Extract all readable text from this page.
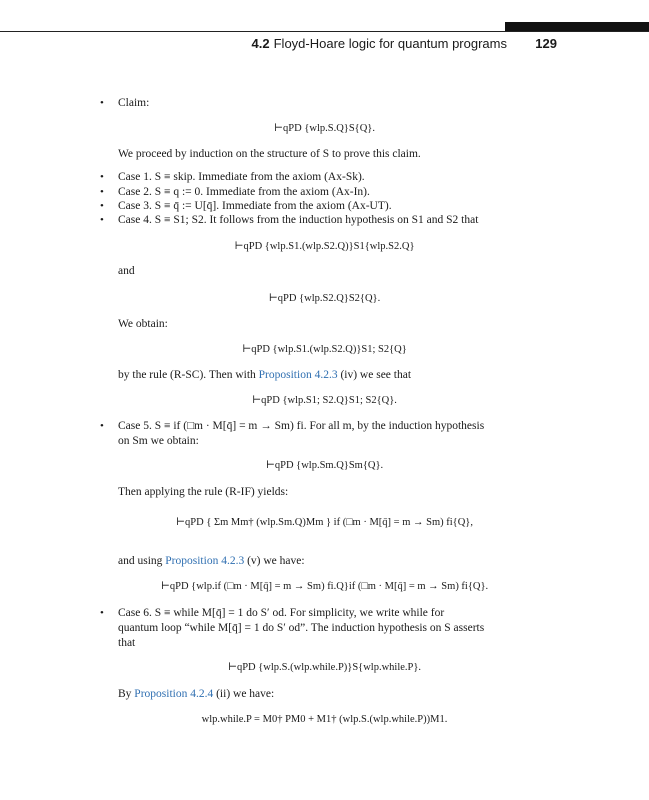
4.2 Floyd-Hoare logic for quantum programs 129
• Claim:
⊢qPD {wlp.S.Q}S{Q}.
We proceed by induction on the structure of S to prove this claim.
• Case 1. S ≡ skip. Immediate from the axiom (Ax-Sk).
• Case 2. S ≡ q := 0. Immediate from the axiom (Ax-In).
• Case 3. S ≡ q̄ := U[q̄]. Immediate from the axiom (Ax-UT).
• Case 4. S ≡ S1; S2. It follows from the induction hypothesis on S1 and S2 that
⊢qPD {wlp.S1.(wlp.S2.Q)}S1{wlp.S2.Q}
and
⊢qPD {wlp.S2.Q}S2{Q}.
We obtain:
⊢qPD {wlp.S1.(wlp.S2.Q)}S1; S2{Q}
by the rule (R-SC). Then with Proposition 4.2.3 (iv) we see that
⊢qPD {wlp.S1; S2.Q}S1; S2{Q}.
• Case 5. S ≡ if (□m · M[q̄] = m → Sm) fi. For all m, by the induction hypothesis
on Sm we obtain:
⊢qPD {wlp.Sm.Q}Sm{Q}.
Then applying the rule (R-IF) yields:
⊢qPD { Σm Mm† (wlp.Sm.Q)Mm } if (□m · M[q̄] = m → Sm) fi{Q},
and using Proposition 4.2.3 (v) we have:
⊢qPD {wlp.if (□m · M[q̄] = m → Sm) fi.Q}if (□m · M[q̄] = m → Sm) fi{Q}.
• Case 6. S ≡ while M[q̄] = 1 do S′ od. For simplicity, we write while for
quantum loop “while M[q̄] = 1 do S′ od”. The induction hypothesis on S asserts
that
⊢qPD {wlp.S.(wlp.while.P)}S{wlp.while.P}.
By Proposition 4.2.4 (ii) we have:
wlp.while.P = M0† PM0 + M1† (wlp.S.(wlp.while.P))M1.
